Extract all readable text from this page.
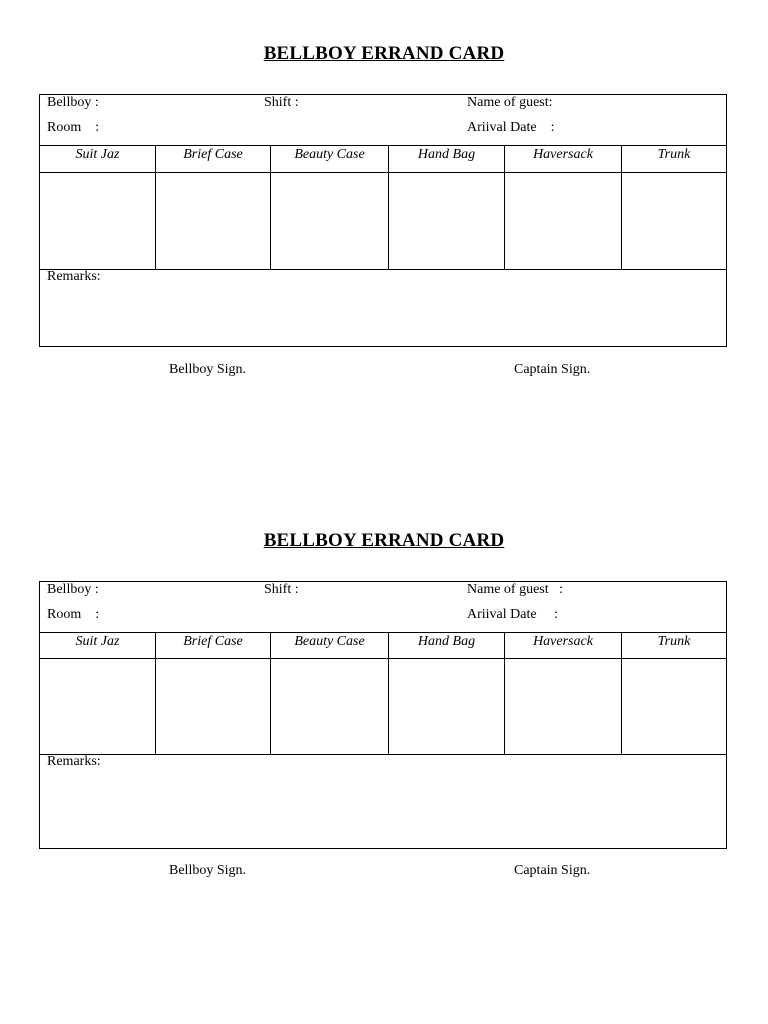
BELLBOY ERRAND CARD
Bellboy :	Shift :	Name of guest:
Room    :	Ariival Date    :
Suit Jaz	Brief Case	Beauty Case	Hand Bag	Haversack	Trunk
Remarks:
Bellboy Sign.	Captain Sign.
BELLBOY ERRAND CARD
Bellboy :	Shift :	Name of guest   :
Room    :	Ariival Date     :
Suit Jaz	Brief Case	Beauty Case	Hand Bag	Haversack	Trunk
Remarks:
Bellboy Sign.	Captain Sign.
